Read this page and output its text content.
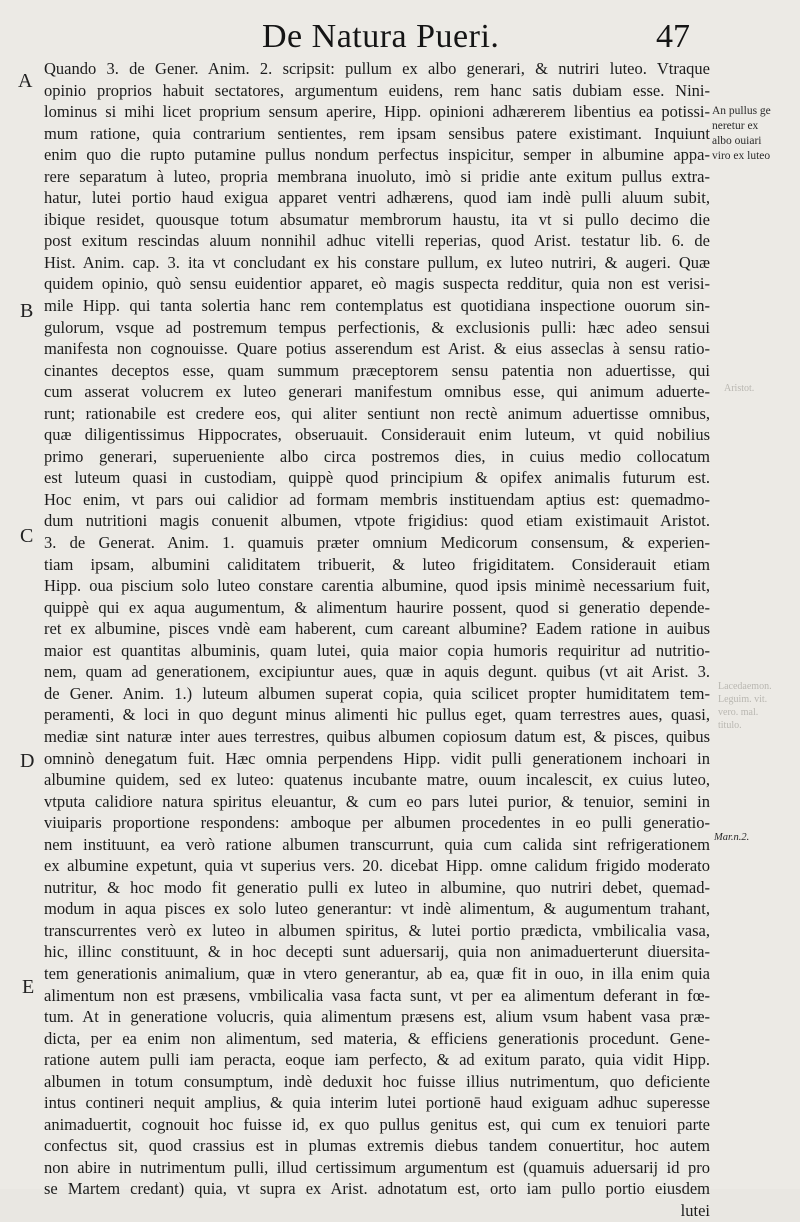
De Natura Pueri.	47
A
B
C
D
E
An pullus ge
neretur ex
albo ouiari
viro ex luteo
Mar.n.2.
Aristot.
Lacedaemon.
Leguim. vit.
vero. mal.
titulo.
Quando 3. de Gener. Anim. 2. scripsit: pullum ex albo generari, & nutriri luteo. Vtraque
opinio proprios habuit sectatores, argumentum euidens, rem hanc satis dubiam esse. Nini-
lominus si mihi licet proprium sensum aperire, Hipp. opinioni adhærerem libentius ea potissi-
mum ratione, quia contrarium sentientes, rem ipsam sensibus patere existimant. Inquiunt
enim quo die rupto putamine pullus nondum perfectus inspicitur, semper in albumine appa-
rere separatum à luteo, propria membrana inuoluto, imò si pridie ante exitum pullus extra-
hatur, lutei portio haud exigua apparet ventri adhærens, quod iam indè pulli aluum subit,
ibique residet, quousque totum absumatur membrorum haustu, ita vt si pullo decimo die
post exitum rescindas aluum nonnihil adhuc vitelli reperias, quod Arist. testatur lib. 6. de
Hist. Anim. cap. 3. ita vt concludant ex his constare pullum, ex luteo nutriri, & augeri. Quæ
quidem opinio, quò sensu euidentior apparet, eò magis suspecta redditur, quia non est verisi-
mile Hipp. qui tanta solertia hanc rem contemplatus est quotidiana inspectione ouorum sin-
gulorum, vsque ad postremum tempus perfectionis, & exclusionis pulli: hæc adeo sensui
manifesta non cognouisse. Quare potius asserendum est Arist. & eius asseclas à sensu ratio-
cinantes deceptos esse, quam summum præceptorem sensu patentia non aduertisse, qui
cum asserat volucrem ex luteo generari manifestum omnibus esse, qui animum aduerte-
runt; rationabile est credere eos, qui aliter sentiunt non rectè animum aduertisse omnibus,
quæ diligentissimus Hippocrates, obseruauit. Considerauit enim luteum, vt quid nobilius
primo generari, superueniente albo circa postremos dies, in cuius medio collocatum
est luteum quasi in custodiam, quippè quod principium & opifex animalis futurum est.
Hoc enim, vt pars oui calidior ad formam membris instituendam aptius est: quemadmo-
dum nutritioni magis conuenit albumen, vtpote frigidius: quod etiam existimauit Aristot.
3. de Generat. Anim. 1. quamuis præter omnium Medicorum consensum, & experien-
tiam ipsam, albumini caliditatem tribuerit, & luteo frigiditatem. Considerauit etiam
Hipp. oua piscium solo luteo constare carentia albumine, quod ipsis minimè necessarium fuit,
quippè qui ex aqua augumentum, & alimentum haurire possent, quod si generatio depende-
ret ex albumine, pisces vndè eam haberent, cum careant albumine? Eadem ratione in auibus
maior est quantitas albuminis, quam lutei, quia maior copia humoris requiritur ad nutritio-
nem, quam ad generationem, excipiuntur aues, quæ in aquis degunt. quibus (vt ait Arist. 3.
de Gener. Anim. 1.) luteum albumen superat copia, quia scilicet propter humiditatem tem-
peramenti, & loci in quo degunt minus alimenti hic pullus eget, quam terrestres aues, quasi,
mediæ sint naturæ inter aues terrestres, quibus albumen copiosum datum est, & pisces, quibus
omninò denegatum fuit. Hæc omnia perpendens Hipp. vidit pulli generationem inchoari in
albumine quidem, sed ex luteo: quatenus incubante matre, ouum incalescit, ex cuius luteo,
vtputa calidiore natura spiritus eleuantur, & cum eo pars lutei purior, & tenuior, semini in
viuiparis proportione respondens: amboque per albumen procedentes in eo pulli generatio-
nem instituunt, ea verò ratione albumen transcurrunt, quia cum calida sint refrigerationem
ex albumine expetunt, quia vt superius vers. 20. dicebat Hipp. omne calidum frigido moderato
nutritur, & hoc modo fit generatio pulli ex luteo in albumine, quo nutriri debet, quemad-
modum in aqua pisces ex solo luteo generantur: vt indè alimentum, & augumentum trahant,
transcurrentes verò ex luteo in albumen spiritus, & lutei portio prædicta, vmbilicalia vasa,
hic, illinc constituunt, & in hoc decepti sunt aduersarij, quia non animaduerterunt diuersita-
tem generationis animalium, quæ in vtero generantur, ab ea, quæ fit in ouo, in illa enim quia
alimentum non est præsens, vmbilicalia vasa facta sunt, vt per ea alimentum deferant in fœ-
tum. At in generatione volucris, quia alimentum præsens est, alium vsum habent vasa præ-
dicta, per ea enim non alimentum, sed materia, & efficiens generationis procedunt. Gene-
ratione autem pulli iam peracta, eoque iam perfecto, & ad exitum parato, quia vidit Hipp.
albumen in totum consumptum, indè deduxit hoc fuisse illius nutrimentum, quo deficiente
intus contineri nequit amplius, & quia interim lutei portionē haud exiguam adhuc superesse
animaduertit, cognouit hoc fuisse id, ex quo pullus genitus est, qui cum ex tenuiori parte
confectus sit, quod crassius est in plumas extremis diebus tandem conuertitur, hoc autem
non abire in nutrimentum pulli, illud certissimum argumentum est (quamuis aduersarij id pro
se Martem credant) quia, vt supra ex Arist. adnotatum est, orto iam pullo portio eiusdem
lutei
